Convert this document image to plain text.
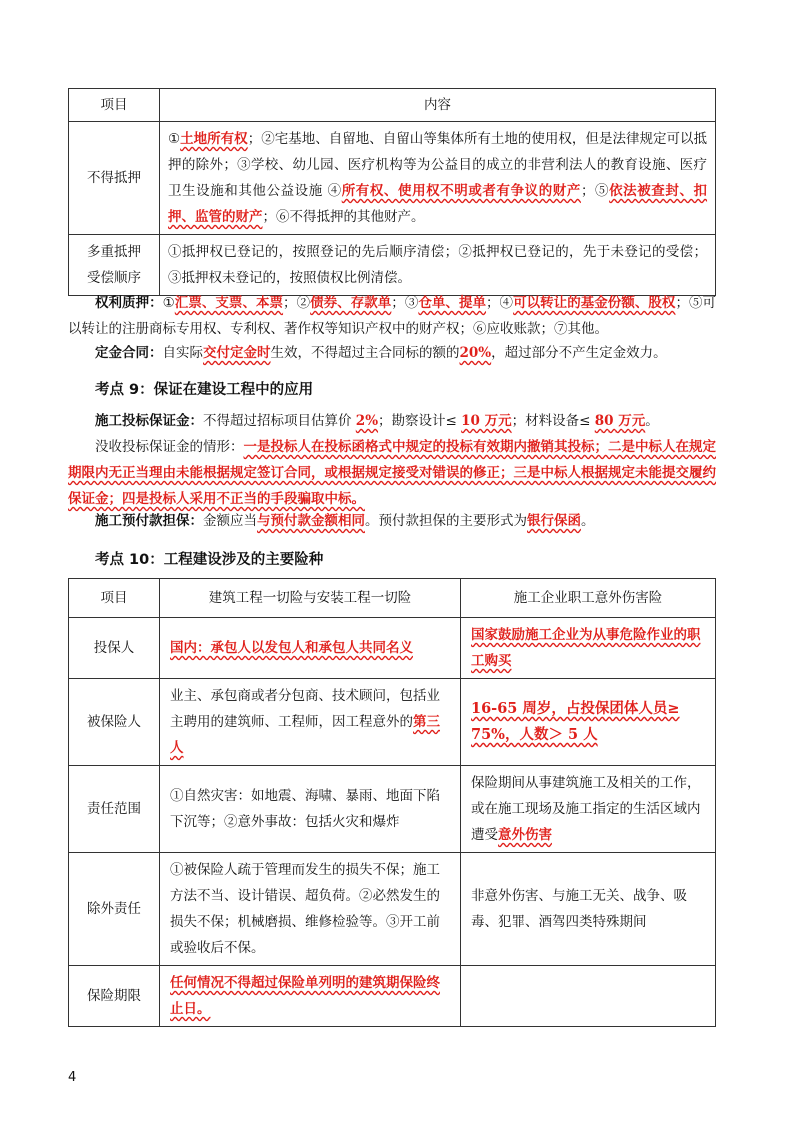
项目	内容
不得抵押	①土地所有权；②宅基地、自留地、自留山等集体所有土地的使用权，但是法律规定可以抵押的除外；③学校、幼儿园、医疗机构等为公益目的成立的非营利法人的教育设施、医疗卫生设施和其他公益设施 ④所有权、使用权不明或者有争议的财产；⑤依法被查封、扣押、监管的财产；⑥不得抵押的其他财产。

多重抵押
受偿顺序	①抵押权已登记的，按照登记的先后顺序清偿；②抵押权已登记的，先于未登记的受偿；③抵押权未登记的，按照债权比例清偿。
权利质押：①汇票、支票、本票；②债券、存款单；③仓单、提单；④可以转让的基金份额、股权；⑤可以转让的注册商标专用权、专利权、著作权等知识产权中的财产权；⑥应收账款；⑦其他。
定金合同：自实际交付定金时生效，不得超过主合同标的额的20%，超过部分不产生定金效力。
考点 9：保证在建设工程中的应用
施工投标保证金：不得超过招标项目估算价 2%；勘察设计≤ 10 万元；材料设备≤ 80 万元。
没收投标保证金的情形：一是投标人在投标函格式中规定的投标有效期内撤销其投标；二是中标人在规定期限内无正当理由未能根据规定签订合同，或根据规定接受对错误的修正；三是中标人根据规定未能提交履约保证金；四是投标人采用不正当的手段骗取中标。
施工预付款担保：金额应当与预付款金额相同。预付款担保的主要形式为银行保函。
考点 10：工程建设涉及的主要险种
项目	建筑工程一切险与安装工程一切险	施工企业职工意外伤害险
投保人	国内：承包人以发包人和承包人共同名义	国家鼓励施工企业为从事危险作业的职工购买
被保险人	业主、承包商或者分包商、技术顾问，包括业主聘用的建筑师、工程师，因工程意外的第三人	16-65 周岁，占投保团体人员≥ 75%，人数＞ 5 人
责任范围	①自然灾害：如地震、海啸、暴雨、地面下陷下沉等；②意外事故：包括火灾和爆炸	保险期间从事建筑施工及相关的工作，或在施工现场及施工指定的生活区域内遭受意外伤害
除外责任	①被保险人疏于管理而发生的损失不保；施工方法不当、设计错误、超负荷。②必然发生的损失不保；机械磨损、维修检验等。③开工前或验收后不保。	非意外伤害、与施工无关、战争、吸毒、犯罪、酒驾四类特殊期间
保险期限	任何情况不得超过保险单列明的建筑期保险终止日。	
4
